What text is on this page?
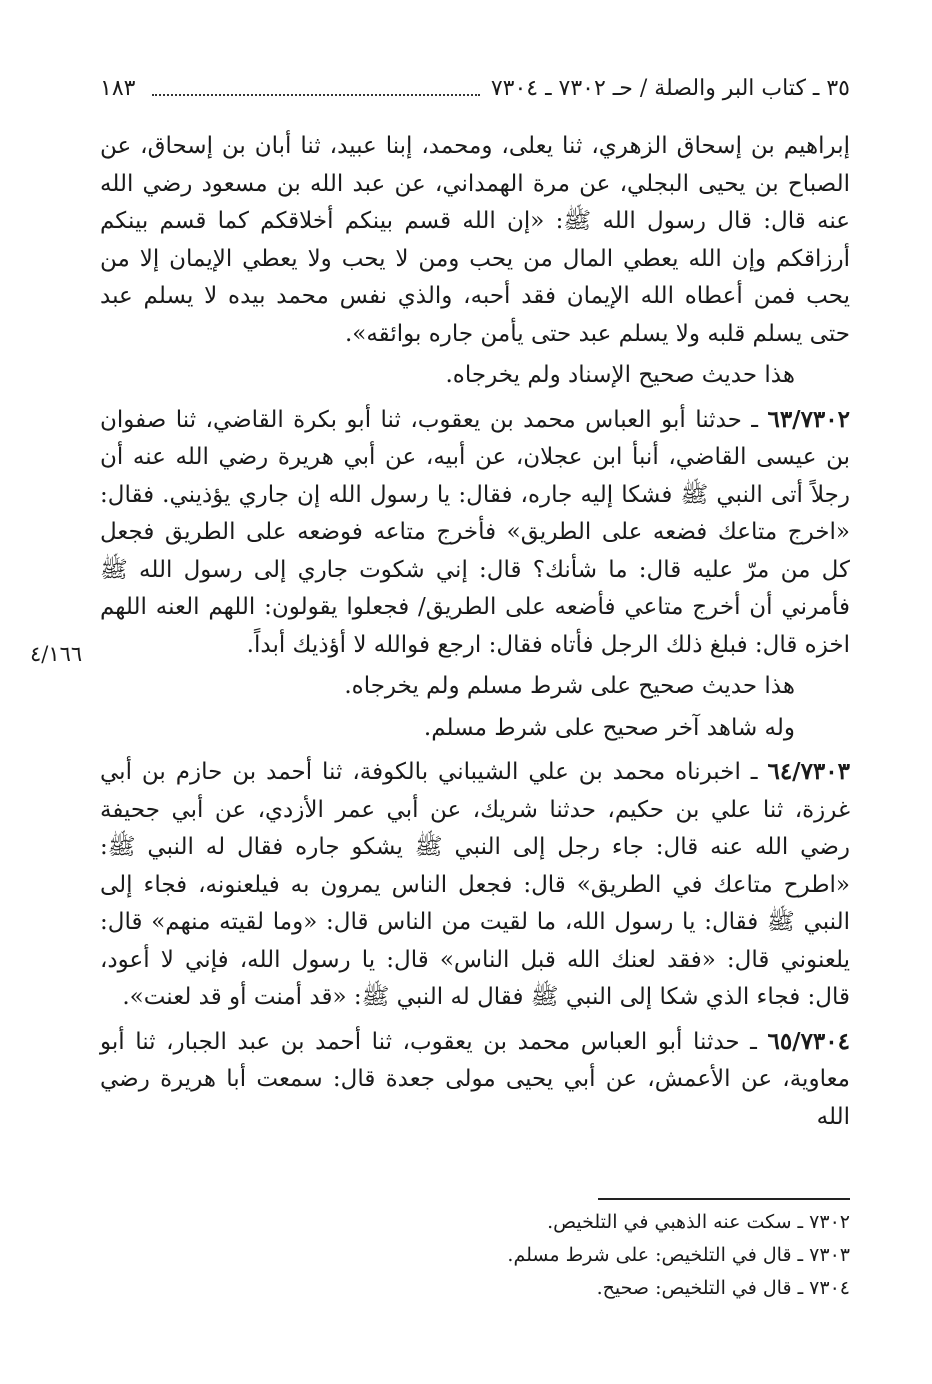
١٨٣	٣٥ ـ كتاب البر والصلة / حـ ٧٣٠٢ ـ ٧٣٠٤

إبراهيم بن إسحاق الزهري، ثنا يعلى، ومحمد، إبنا عبيد، ثنا أبان بن إسحاق، عن الصباح بن يحيى البجلي، عن مرة الهمداني، عن عبد الله بن مسعود رضي الله عنه قال: قال رسول الله ﷺ: «إن الله قسم بينكم أخلاقكم كما قسم بينكم أرزاقكم وإن الله يعطي المال من يحب ومن لا يحب ولا يعطي الإيمان إلا من يحب فمن أعطاه الله الإيمان فقد أحبه، والذي نفس محمد بيده لا يسلم عبد حتى يسلم قلبه ولا يسلم عبد حتى يأمن جاره بوائقه».

هذا حديث صحيح الإسناد ولم يخرجاه.

٦٣/٧٣٠٢ ـ حدثنا أبو العباس محمد بن يعقوب، ثنا أبو بكرة القاضي، ثنا صفوان بن عيسى القاضي، أنبأ ابن عجلان، عن أبيه، عن أبي هريرة رضي الله عنه أن رجلاً أتى النبي ﷺ فشكا إليه جاره، فقال: يا رسول الله إن جاري يؤذيني. فقال: «اخرج متاعك فضعه على الطريق» فأخرج متاعه فوضعه على الطريق فجعل كل من مرّ عليه قال: ما شأنك؟ قال: إني شكوت جاري إلى رسول الله ﷺ فأمرني أن أخرج متاعي فأضعه على الطريق/ فجعلوا يقولون: اللهم العنه اللهم اخزه قال: فبلغ ذلك الرجل فأتاه فقال: ارجع فوالله لا أؤذيك أبداً.

هذا حديث صحيح على شرط مسلم ولم يخرجاه.

وله شاهد آخر صحيح على شرط مسلم.

٦٤/٧٣٠٣ ـ اخبرناه محمد بن علي الشيباني بالكوفة، ثنا أحمد بن حازم بن أبي غرزة، ثنا علي بن حكيم، حدثنا شريك، عن أبي عمر الأزدي، عن أبي جحيفة رضي الله عنه قال: جاء رجل إلى النبي ﷺ يشكو جاره فقال له النبي ﷺ: «اطرح متاعك في الطريق» قال: فجعل الناس يمرون به فيلعنونه، فجاء إلى النبي ﷺ فقال: يا رسول الله، ما لقيت من الناس قال: «وما لقيته منهم» قال: يلعنوني قال: «فقد لعنك الله قبل الناس» قال: يا رسول الله، فإني لا أعود، قال: فجاء الذي شكا إلى النبي ﷺ فقال له النبي ﷺ: «قد أمنت أو قد لعنت».

٦٥/٧٣٠٤ ـ حدثنا أبو العباس محمد بن يعقوب، ثنا أحمد بن عبد الجبار، ثنا أبو معاوية، عن الأعمش، عن أبي يحيى مولى جعدة قال: سمعت أبا هريرة رضي الله

٤/١٦٦

٧٣٠٢ ـ سكت عنه الذهبي في التلخيص.

٧٣٠٣ ـ قال في التلخيص: على شرط مسلم.

٧٣٠٤ ـ قال في التلخيص: صحيح.
